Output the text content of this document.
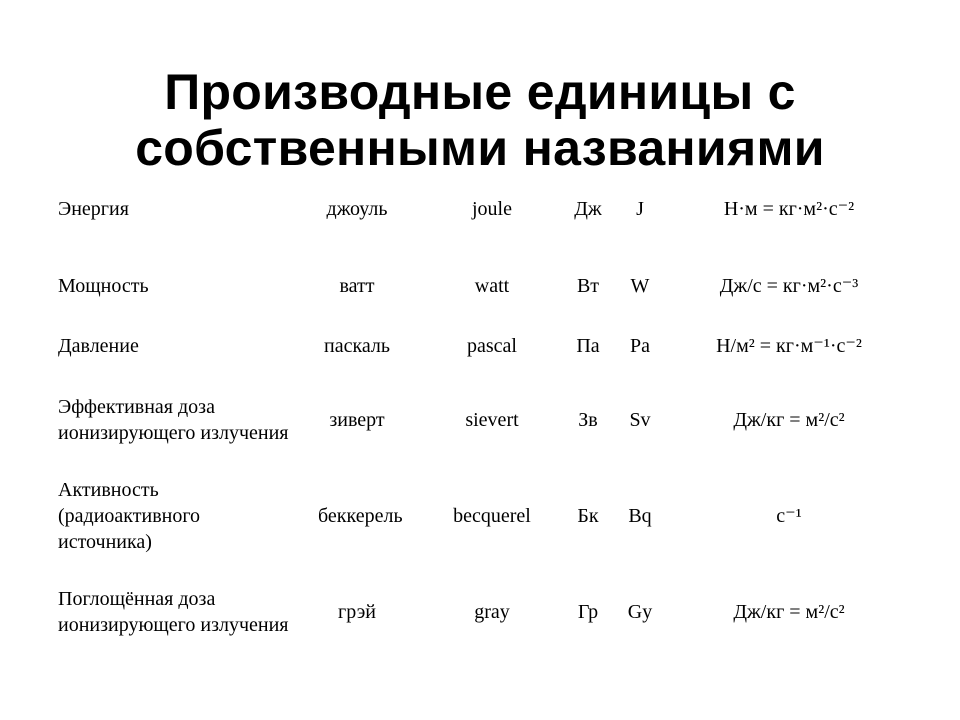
Производные единицы с
собственными названиями
Энергия	джоуль	joule	Дж	J	Н·м = кг·м²·с⁻²
Мощность	ватт	watt	Вт	W	Дж/с = кг·м²·с⁻³
Давление	паскаль	pascal	Па	Pa	Н/м² = кг·м⁻¹·с⁻²
Эффективная доза ионизирующего излучения	зиверт	sievert	Зв	Sv	Дж/кг = м²/с²
Активность (радиоактивного источника)	беккерель	becquerel	Бк	Bq	с⁻¹
Поглощённая доза ионизирующего излучения	грэй	gray	Гр	Gy	Дж/кг = м²/с²
